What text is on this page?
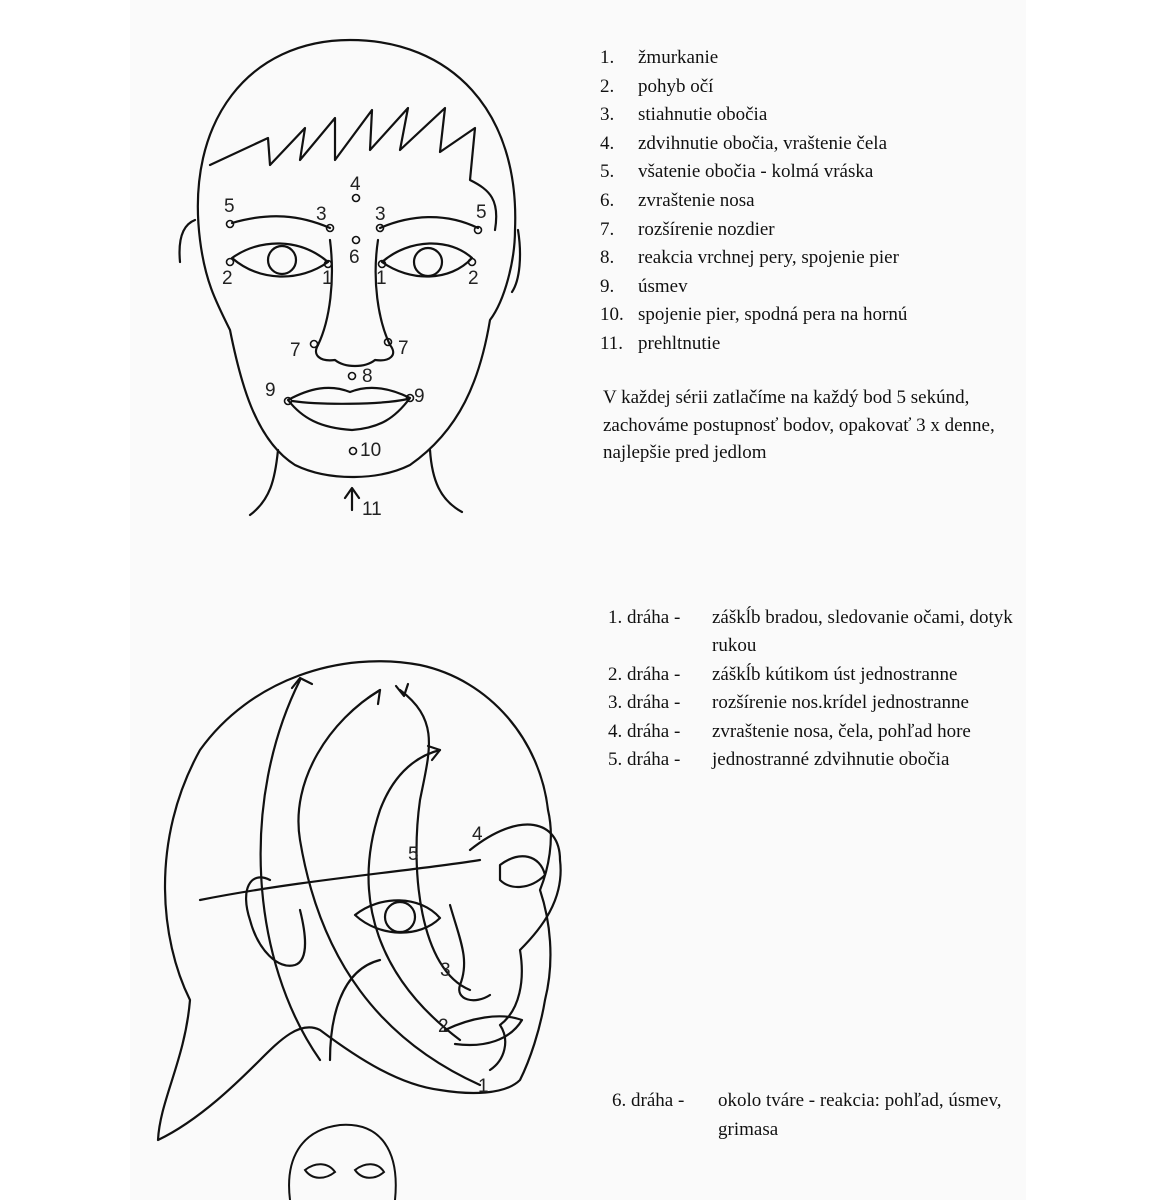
1 1
2	2
3	3
4
5	5
6
7	7
8
9	9
10
11
1
2
3
4
5
1.	žmurkanie
2.	pohyb očí
3.	stiahnutie obočia
4.	zdvihnutie obočia, vraštenie čela
5.	všatenie obočia - kolmá vráska
6.	zvraštenie nosa
7.	rozšírenie nozdier
8.	reakcia vrchnej pery, spojenie pier
9.	úsmev
10. spojenie pier, spodná pera na hornú
11. prehltnutie

V každej sérii zatlačíme na každý bod 5 sekúnd, zachováme postupnosť bodov, opakovať 3 x denne, najlepšie pred jedlom

1. dráha -	záškĺb bradou, sledovanie očami, dotyk rukou
2. dráha -	záškĺb kútikom úst jednostranne
3. dráha -	rozšírenie nos.krídel jednostranne
4. dráha -	zvraštenie nosa, čela, pohľad hore
5. dráha -	jednostranné zdvihnutie obočia
6. dráha -	okolo tváre - reakcia: pohľad, úsmev, grimasa
